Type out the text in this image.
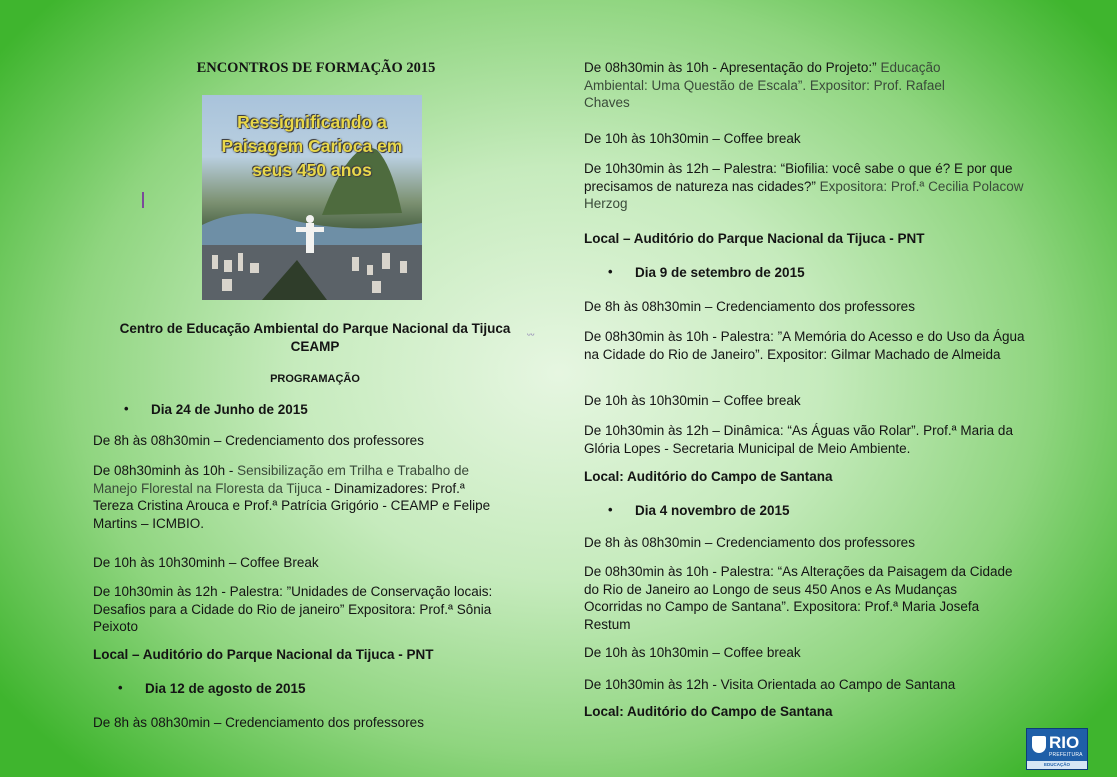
ENCONTROS DE FORMAÇÃO 2015
Ressignificando a
Paisagem Carioca em
seus 450 anos
Centro de Educação Ambiental do Parque Nacional da Tijuca
CEAMP
ᵕᵕ
PROGRAMAÇÃO
• Dia 24 de Junho de 2015
De 8h às 08h30min – Credenciamento dos professores
De 08h30minh às 10h - Sensibilização em Trilha e Trabalho de Manejo Florestal na Floresta da Tijuca - Dinamizadores: Prof.ª Tereza Cristina Arouca e Prof.ª Patrícia Grigório - CEAMP e Felipe Martins – ICMBIO.
De 10h às 10h30minh – Coffee Break
De 10h30min às 12h - Palestra: ”Unidades de Conservação locais: Desafios para a Cidade do Rio de janeiro” Expositora: Prof.ª Sônia Peixoto
Local – Auditório do Parque Nacional da Tijuca - PNT
• Dia 12 de agosto de 2015
De 8h às 08h30min – Credenciamento dos professores
De 08h30min às 10h - Apresentação do Projeto:” Educação Ambiental: Uma Questão de Escala”. Expositor: Prof. Rafael Chaves
De 10h às 10h30min – Coffee break
De 10h30min às 12h – Palestra: “Biofilia: você sabe o que é? E por que precisamos de natureza nas cidades?” Expositora: Prof.ª Cecilia Polacow Herzog
Local – Auditório do Parque Nacional da Tijuca - PNT
• Dia 9 de setembro de 2015
De 8h às 08h30min – Credenciamento dos professores
De 08h30min às 10h - Palestra: ”A Memória do Acesso e do Uso da Água na Cidade do Rio de Janeiro”. Expositor: Gilmar Machado de Almeida
De 10h às 10h30min – Coffee break
De 10h30min às 12h – Dinâmica: “As Águas vão Rolar”. Prof.ª Maria da Glória Lopes - Secretaria Municipal de Meio Ambiente.
Local: Auditório do Campo de Santana
• Dia 4 novembro de 2015
De 8h às 08h30min – Credenciamento dos professores
De 08h30min às 10h - Palestra: “As Alterações da Paisagem da Cidade do Rio de Janeiro ao Longo de seus 450 Anos e As Mudanças Ocorridas no Campo de Santana”. Expositora: Prof.ª Maria Josefa Restum
De 10h às 10h30min – Coffee break
De 10h30min às 12h - Visita Orientada ao Campo de Santana
Local: Auditório do Campo de Santana
RIO
PREFEITURA
EDUCAÇÃO
